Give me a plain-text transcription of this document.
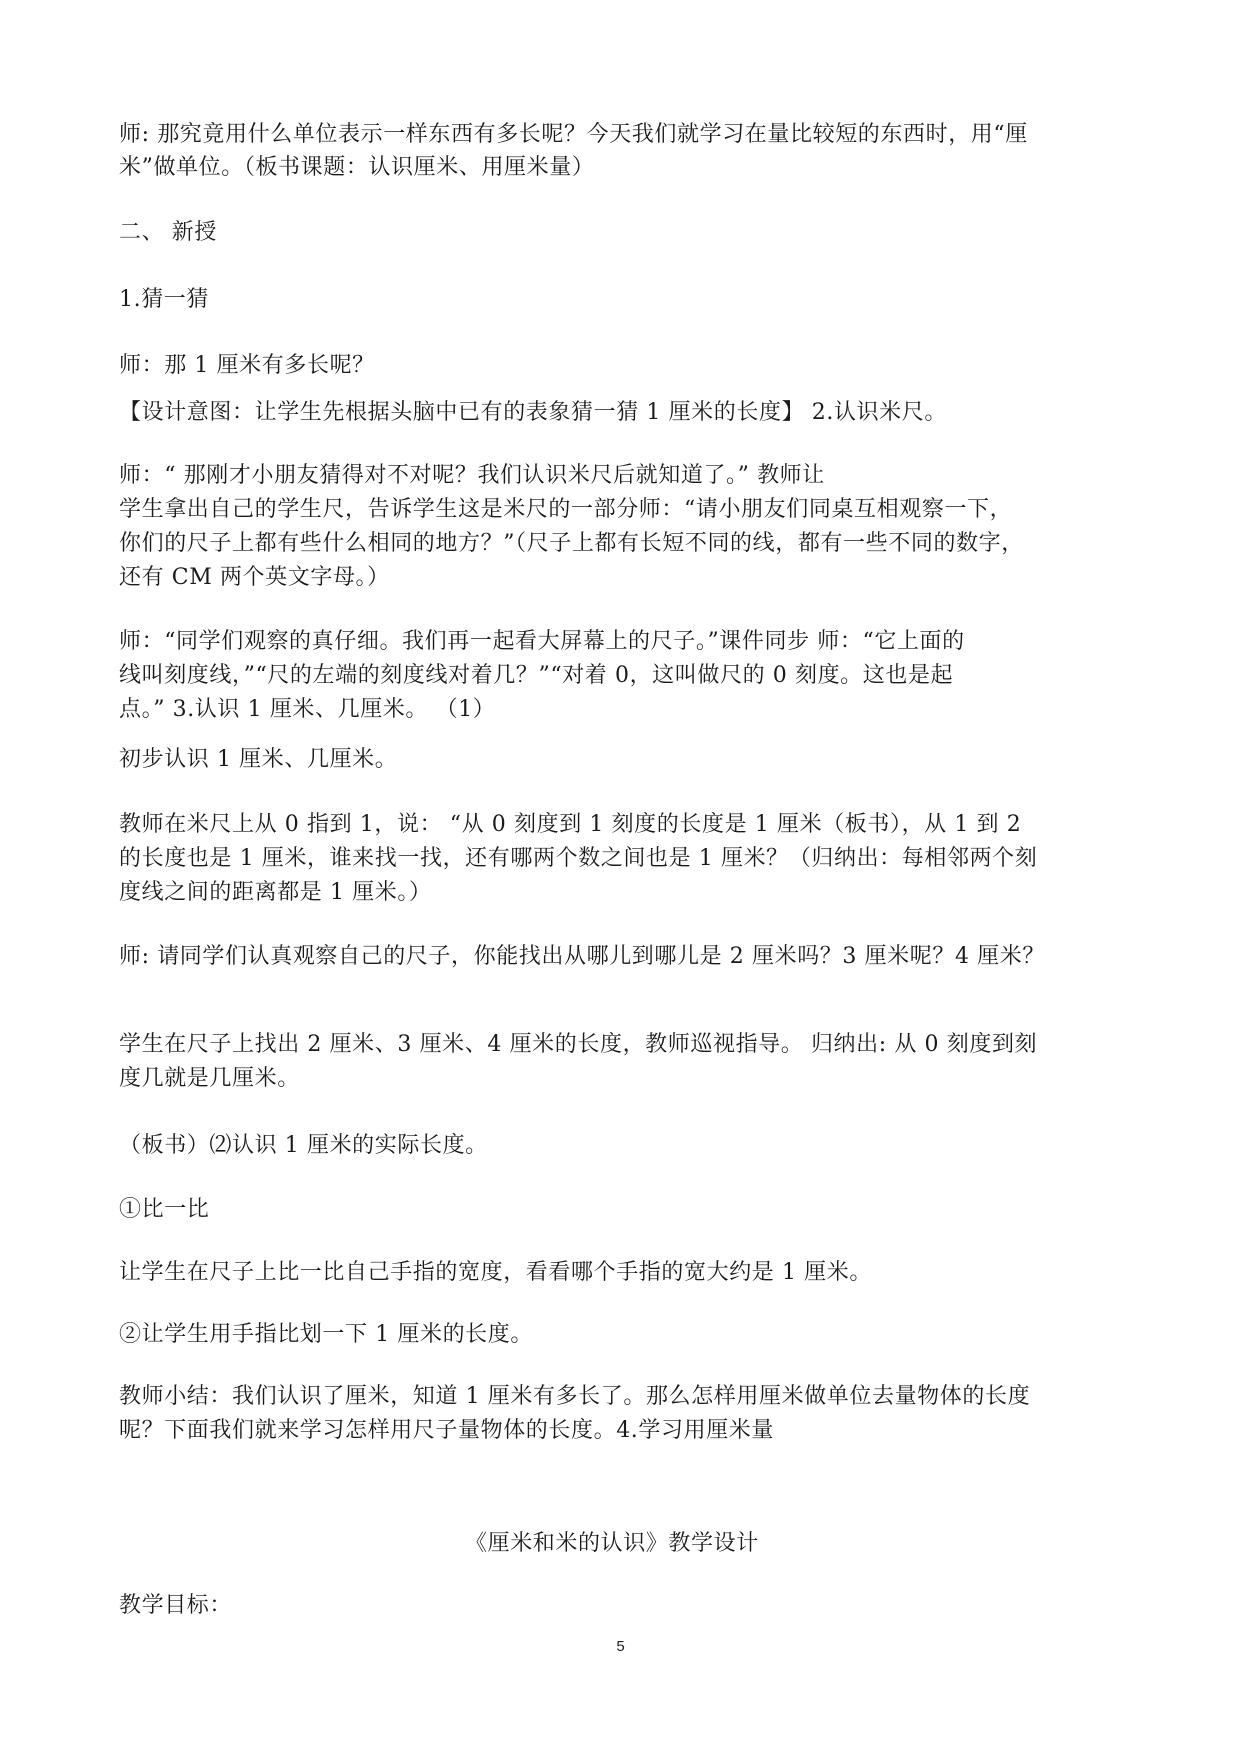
师: 那究竟用什么单位表示一样东西有多长呢？今天我们就学习在量比较短的东西时，用“厘
米”做单位。（板书课题：认识厘米、用厘米量）
二、 新授
1.猜一猜
师：那 1 厘米有多长呢？
【设计意图：让学生先根据头脑中已有的表象猜一猜 1 厘米的长度】 2.认识米尺。
师：“ 那刚才小朋友猜得对不对呢？我们认识米尺后就知道了。” 教师让
学生拿出自己的学生尺，告诉学生这是米尺的一部分师：“请小朋友们同桌互相观察一下，
你们的尺子上都有些什么相同的地方？”（尺子上都有长短不同的线，都有一些不同的数字，
还有 CM 两个英文字母。）
师：“同学们观察的真仔细。我们再一起看大屏幕上的尺子。”课件同步 师：“它上面的
线叫刻度线，”“尺的左端的刻度线对着几？”“对着 0，这叫做尺的 0 刻度。这也是起
点。” 3.认识 1 厘米、几厘米。 （1）
初步认识 1 厘米、几厘米。
教师在米尺上从 0 指到 1，说： “从 0 刻度到 1 刻度的长度是 1 厘米（板书），从 1 到 2
的长度也是 1 厘米，谁来找一找，还有哪两个数之间也是 1 厘米？（归纳出：每相邻两个刻
度线之间的距离都是 1 厘米。）
师: 请同学们认真观察自己的尺子，你能找出从哪儿到哪儿是 2 厘米吗？3 厘米呢？4 厘米？
学生在尺子上找出 2 厘米、3 厘米、4 厘米的长度，教师巡视指导。 归纳出: 从 0 刻度到刻
度几就是几厘米。
（板书）⑵认识 1 厘米的实际长度。
①比一比
让学生在尺子上比一比自己手指的宽度，看看哪个手指的宽大约是 1 厘米。
②让学生用手指比划一下 1 厘米的长度。
教师小结：我们认识了厘米，知道 1 厘米有多长了。那么怎样用厘米做单位去量物体的长度
呢？下面我们就来学习怎样用尺子量物体的长度。4.学习用厘米量
《厘米和米的认识》教学设计
教学目标：
5
